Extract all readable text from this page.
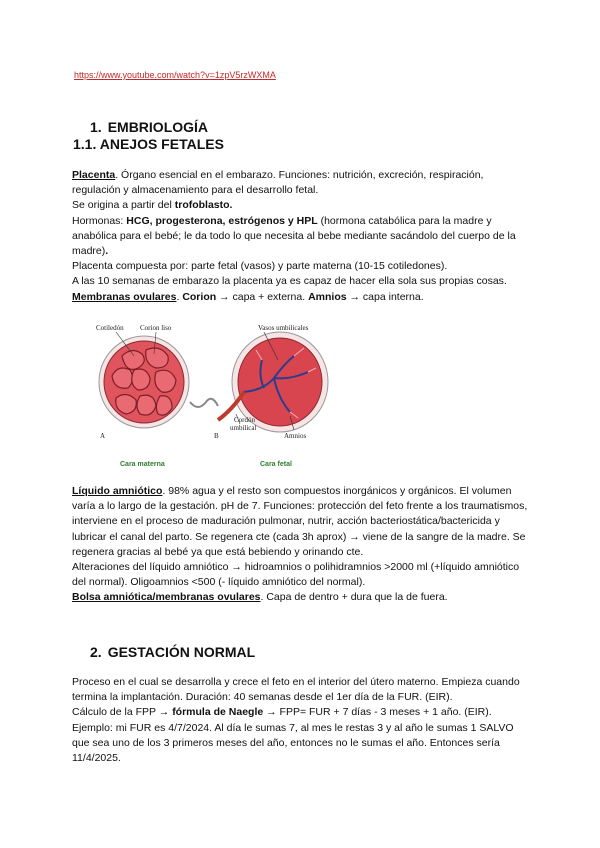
https://www.youtube.com/watch?v=1zpV5rzWXMA
1. EMBRIOLOGÍA
1.1. ANEJOS FETALES

Placenta. Órgano esencial en el embarazo. Funciones: nutrición, excreción, respiración, regulación y almacenamiento para el desarrollo fetal.

Se origina a partir del trofoblasto.

Hormonas: HCG, progesterona, estrógenos y HPL (hormona catabólica para la madre y anabólica para el bebé; le da todo lo que necesita al bebe mediante sacándolo del cuerpo de la madre).

Placenta compuesta por: parte fetal (vasos) y parte materna (10-15 cotiledones).

A las 10 semanas de embarazo la placenta ya es capaz de hacer ella sola sus propias cosas.

Membranas ovulares. Corion → capa + externa. Amnios → capa interna.

Cotiledón Corion liso	Vasos umbilicales
Cordón
umbilical
Amnios
A	B
Cara materna	Cara fetal

Líquido amniótico. 98% agua y el resto son compuestos inorgánicos y orgánicos. El volumen varía a lo largo de la gestación. pH de 7. Funciones: protección del feto frente a los traumatismos, interviene en el proceso de maduración pulmonar, nutrir, acción bacteriostática/bactericida y lubricar el canal del parto. Se regenera cte (cada 3h aprox) → viene de la sangre de la madre. Se regenera gracias al bebé ya que está bebiendo y orinando cte.

Alteraciones del líquido amniótico → hidroamnios o polihidramnios >2000 ml (+líquido amniótico del normal). Oligoamnios <500 (- líquido amniótico del normal).

Bolsa amniótica/membranas ovulares. Capa de dentro + dura que la de fuera.

2. GESTACIÓN NORMAL

Proceso en el cual se desarrolla y crece el feto en el interior del útero materno. Empieza cuando termina la implantación. Duración: 40 semanas desde el 1er día de la FUR. (EIR).

Cálculo de la FPP → fórmula de Naegle → FPP= FUR + 7 días - 3 meses + 1 año. (EIR).

Ejemplo: mi FUR es 4/7/2024. Al día le sumas 7, al mes le restas 3 y al año le sumas 1 SALVO que sea uno de los 3 primeros meses del año, entonces no le sumas el año. Entonces sería 11/4/2025.
